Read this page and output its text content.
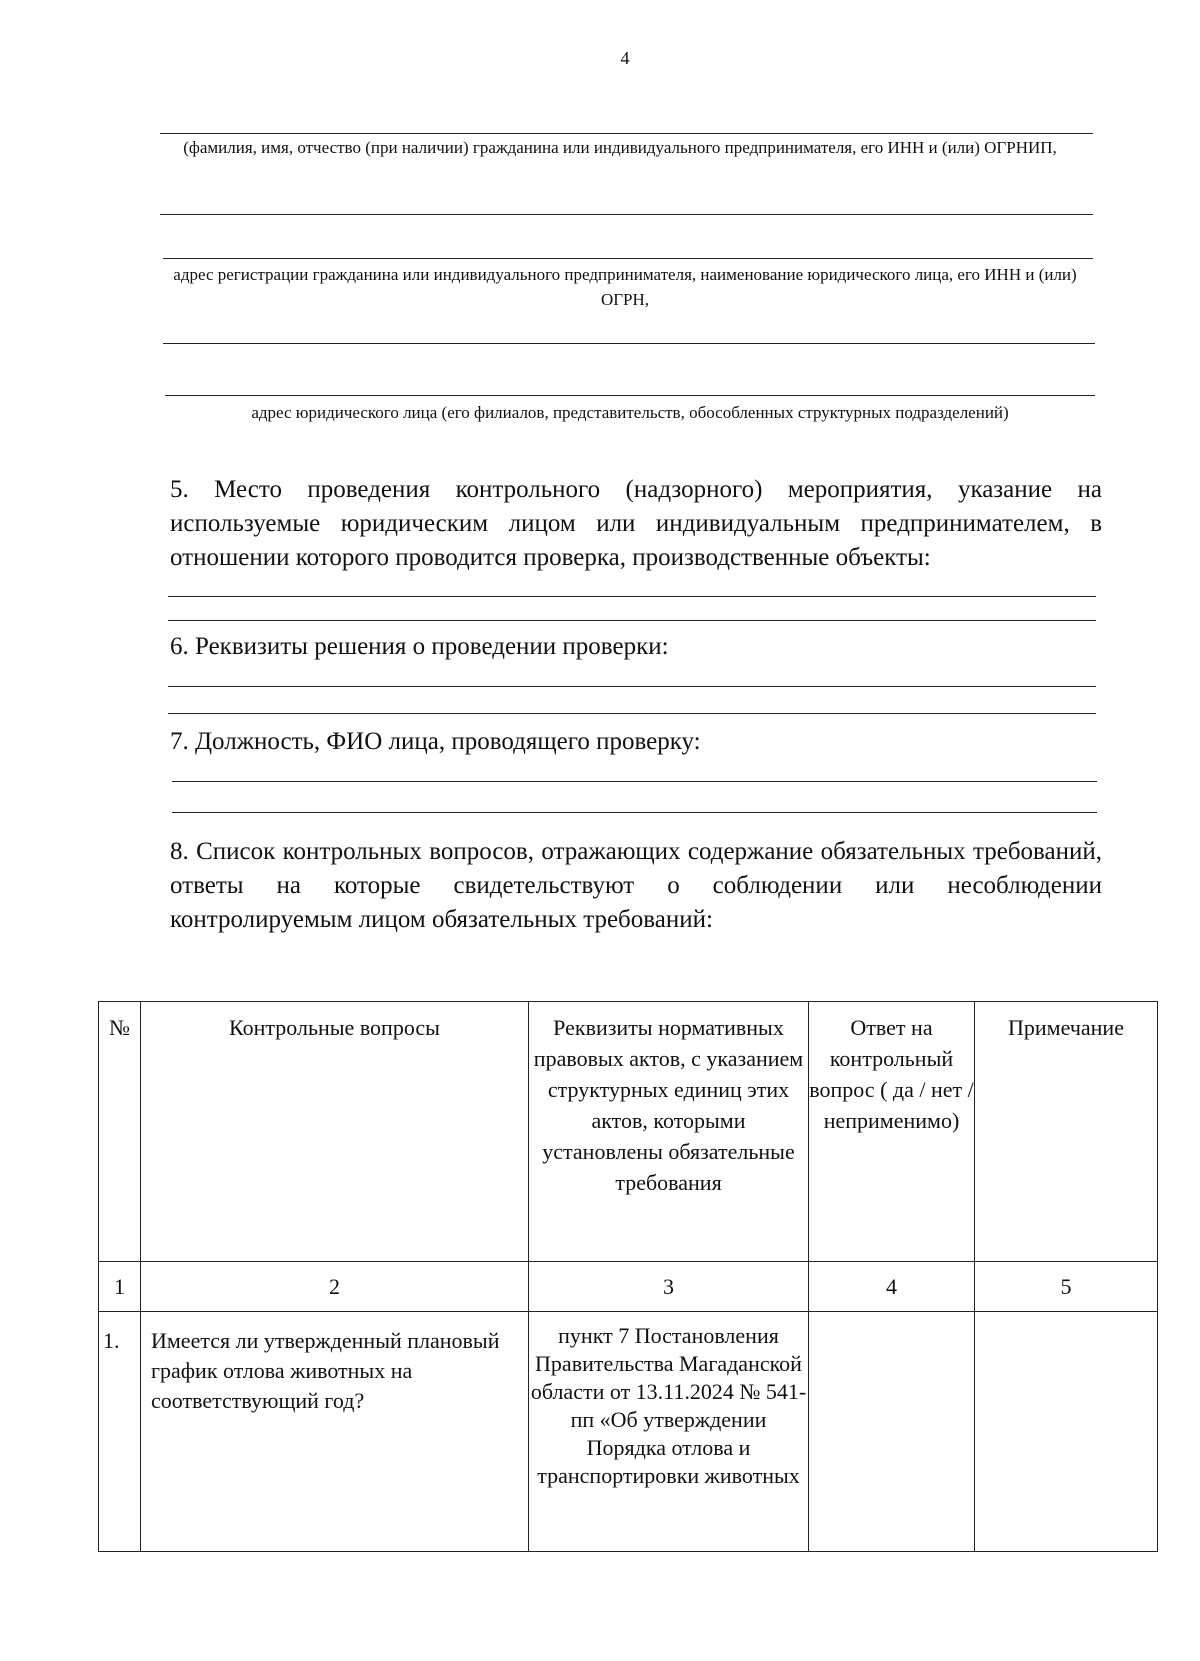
4
(фамилия, имя, отчество (при наличии) гражданина или индивидуального предпринимателя, его ИНН и (или) ОГРНИП,
адрес регистрации гражданина или индивидуального предпринимателя, наименование юридического лица, его ИНН и (или) ОГРН,
адрес юридического лица (его филиалов, представительств, обособленных структурных подразделений)
5. Место проведения контрольного (надзорного) мероприятия, указание на используемые юридическим лицом или индивидуальным предпринимателем, в отношении которого проводится проверка, производственные объекты:
6. Реквизиты решения о проведении проверки:
7. Должность, ФИО лица, проводящего проверку:
8. Список контрольных вопросов, отражающих содержание обязательных требований, ответы на которые свидетельствуют о соблюдении или несоблюдении контролируемым лицом обязательных требований:
№	Контрольные вопросы	Реквизиты нормативных правовых актов, с указанием структурных единиц этих актов, которыми установлены обязательные требования	Ответ на контрольный вопрос ( да / нет / неприменимо)	Примечание
1	2	3	4	5
1.	Имеется ли утвержденный плановый график отлова животных на соответствующий год?	пункт 7 Постановления Правительства Магаданской области от 13.11.2024 № 541-пп «Об утверждении Порядка отлова и транспортировки животных		
